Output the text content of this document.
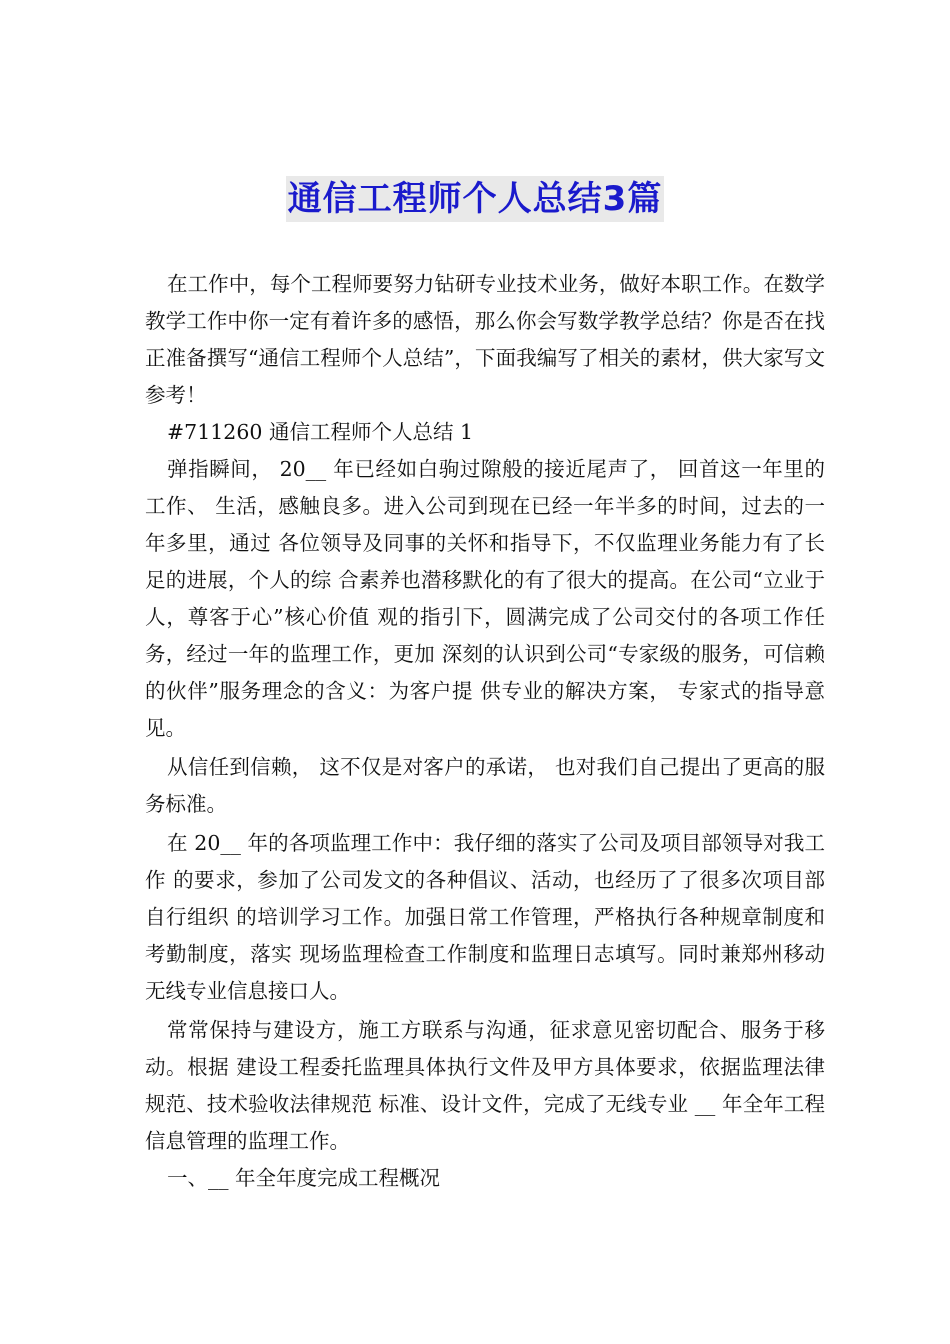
通信工程师个人总结3篇

在工作中，每个工程师要努力钻研专业技术业务，做好本职工作。在数学教学工作中你一定有着许多的感悟，那么你会写数学教学总结？你是否在找正准备撰写“通信工程师个人总结”，下面我编写了相关的素材，供大家写文参考！

#711260 通信工程师个人总结 1

弹指瞬间， 20__ 年已经如白驹过隙般的接近尾声了， 回首这一年里的工作、 生活，感触良多。进入公司到现在已经一年半多的时间，过去的一年多里，通过 各位领导及同事的关怀和指导下，不仅监理业务能力有了长足的进展，个人的综 合素养也潜移默化的有了很大的提高。在公司“立业于人，尊客于心”核心价值 观的指引下，圆满完成了公司交付的各项工作任务，经过一年的监理工作，更加 深刻的认识到公司“专家级的服务，可信赖的伙伴”服务理念的含义：为客户提 供专业的解决方案， 专家式的指导意见。

从信任到信赖， 这不仅是对客户的承诺， 也对我们自己提出了更高的服务标准。

在 20__ 年的各项监理工作中：我仔细的落实了公司及项目部领导对我工作 的要求，参加了公司发文的各种倡议、活动，也经历了了很多次项目部自行组织 的培训学习工作。加强日常工作管理，严格执行各种规章制度和考勤制度，落实 现场监理检查工作制度和监理日志填写。同时兼郑州移动无线专业信息接口人。

常常保持与建设方，施工方联系与沟通，征求意见密切配合、服务于移动。根据 建设工程委托监理具体执行文件及甲方具体要求，依据监理法律规范、技术验收法律规范 标准、设计文件，完成了无线专业 __ 年全年工程信息管理的监理工作。

一、__ 年全年度完成工程概况
